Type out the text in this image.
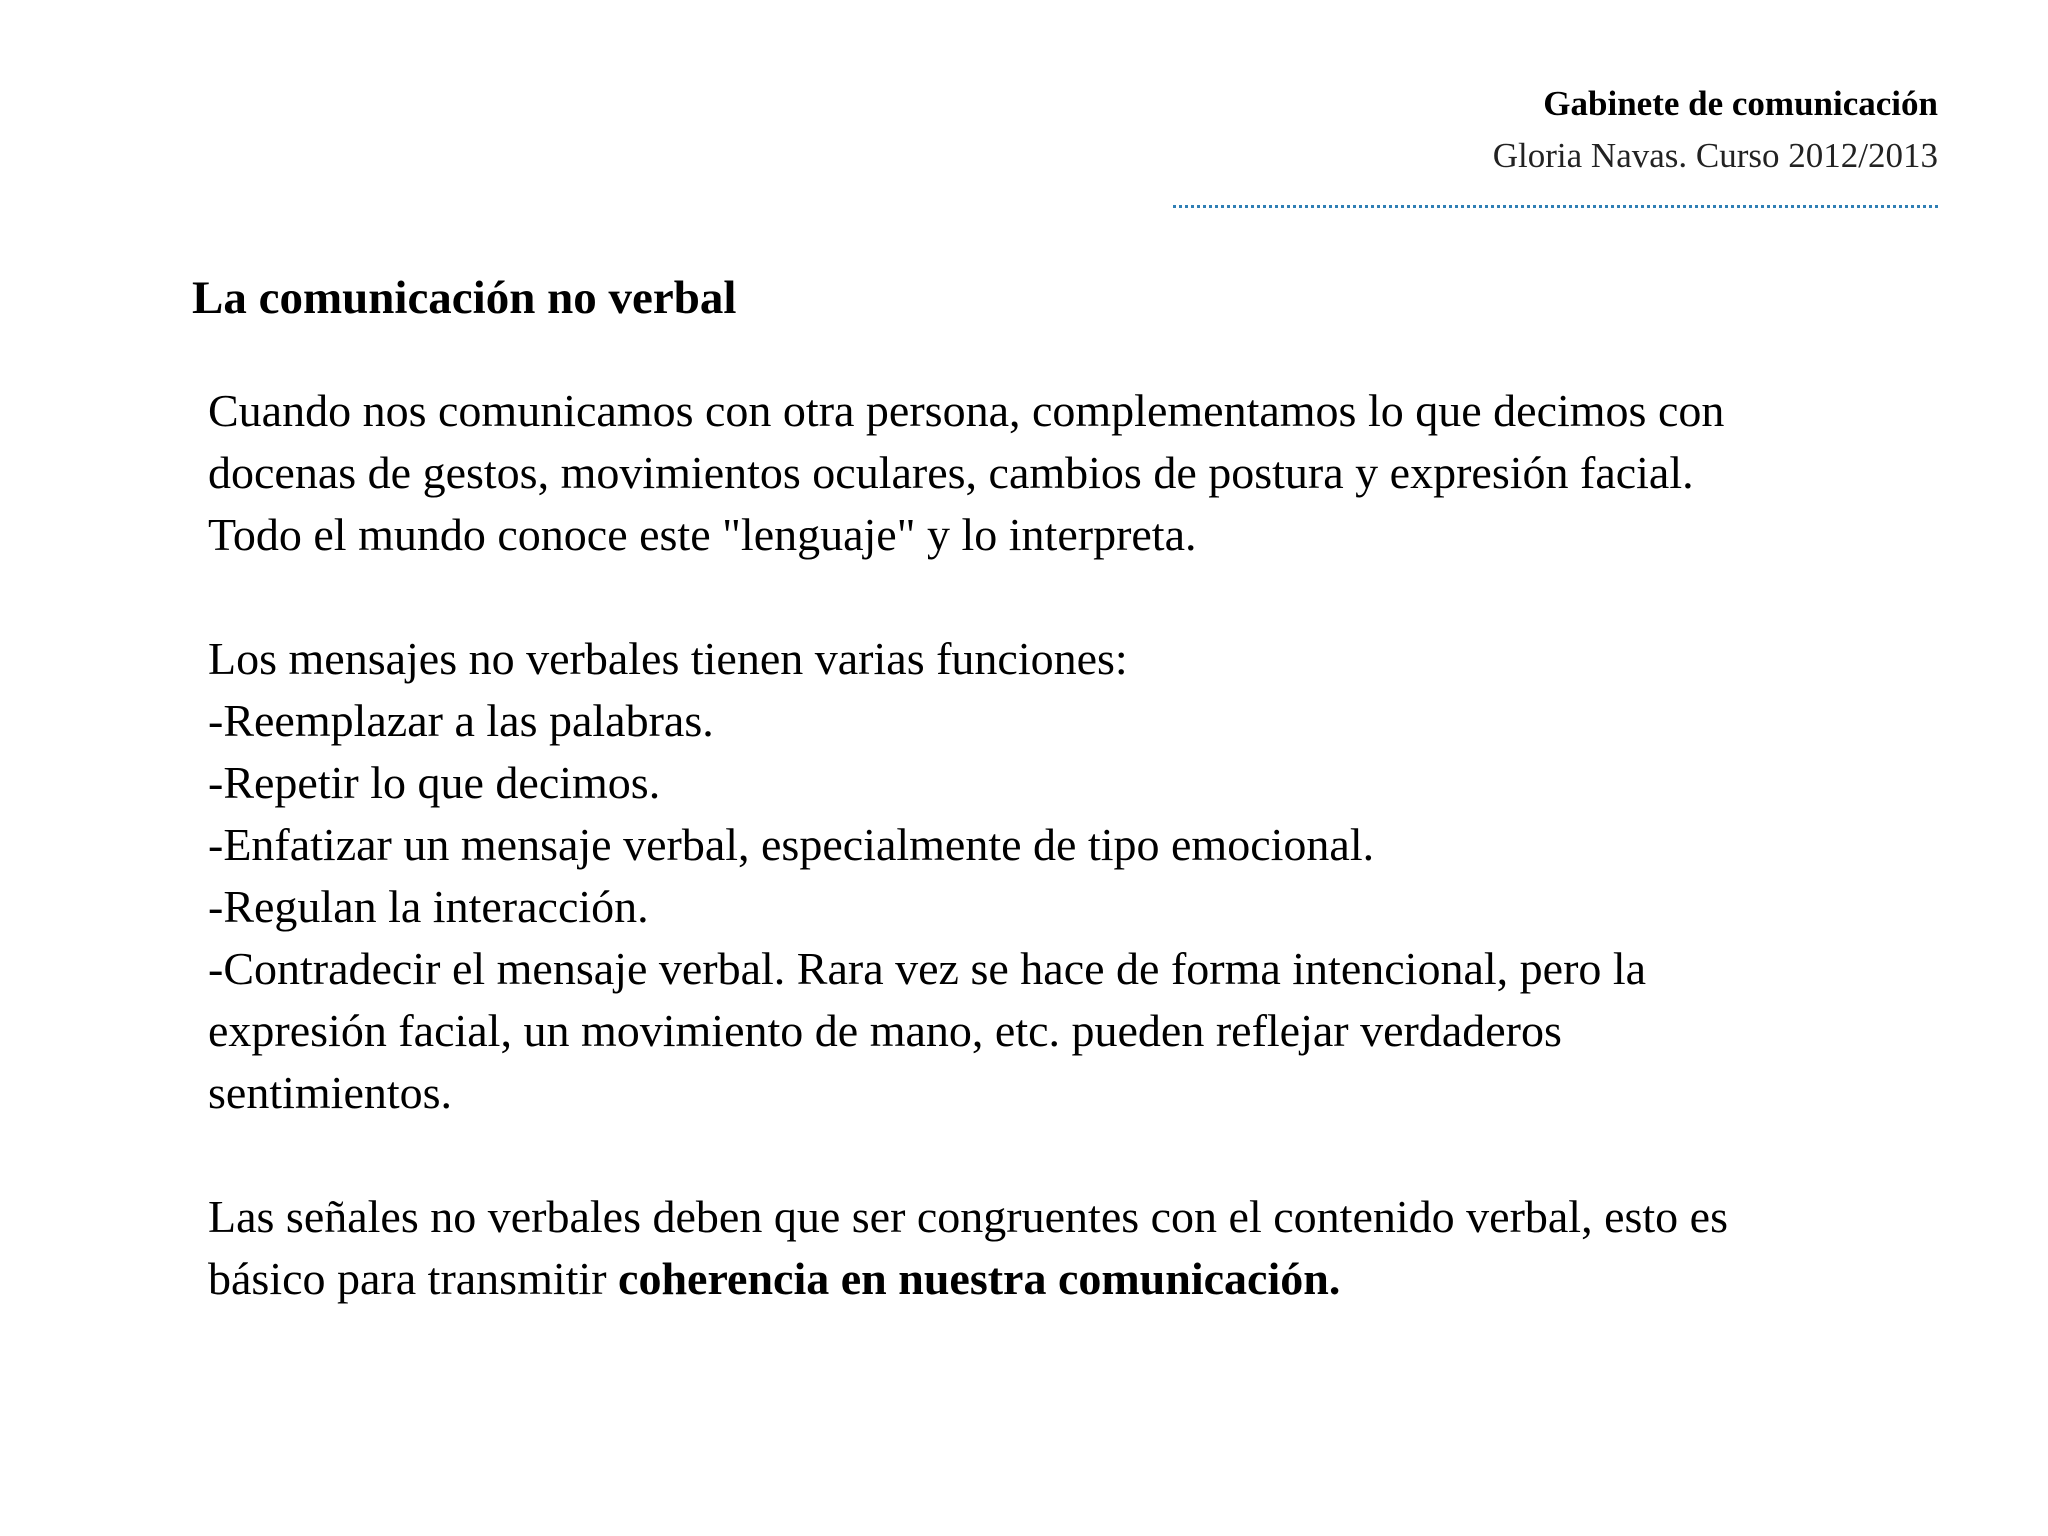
Gabinete de comunicación

Gloria Navas. Curso 2012/2013

La comunicación no verbal

Cuando nos comunicamos con otra persona, complementamos lo que decimos con

docenas de gestos, movimientos oculares, cambios de postura y expresión facial.

Todo el mundo conoce este "lenguaje" y lo interpreta.

Los mensajes no verbales tienen varias funciones:

-Reemplazar a las palabras.

-Repetir lo que decimos.

-Enfatizar un mensaje verbal, especialmente de tipo emocional.

-Regulan la interacción.

-Contradecir el mensaje verbal. Rara vez se hace de forma intencional, pero la

expresión facial, un movimiento de mano, etc. pueden reflejar verdaderos

sentimientos.

Las señales no verbales deben que ser congruentes con el contenido verbal, esto es

básico para transmitir coherencia en nuestra comunicación.
